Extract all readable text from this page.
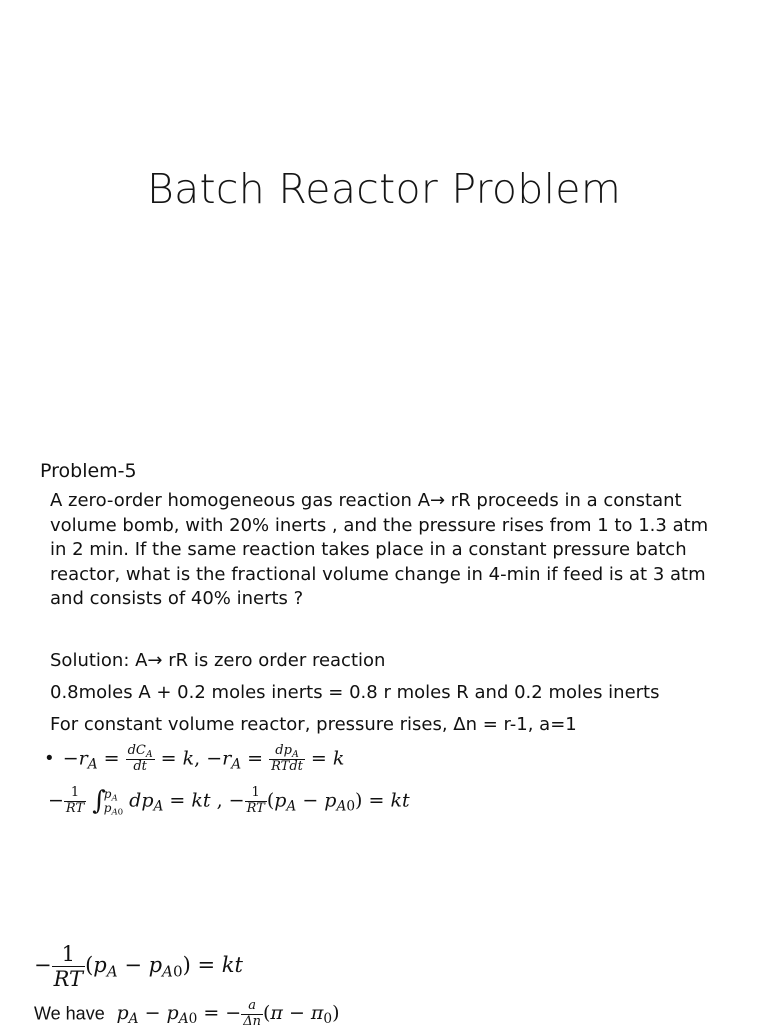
Batch Reactor Problem
Problem-5

A zero-order homogeneous gas reaction A→ rR proceeds in a constant volume bomb, with 20% inerts , and the pressure rises from 1 to 1.3 atm in 2 min. If the same reaction takes place in a constant pressure batch reactor, what is the fractional volume change in 4-min if feed is at 3 atm and consists of 40% inerts ?

Solution: A→ rR is zero order reaction
0.8moles A + 0.2 moles inerts = 0.8 r moles R and 0.2 moles inerts
For constant volume reactor, pressure rises, Δn = r-1, a=1
• $-r_A = \frac{dC_A}{dt} = k$, $-r_A = \frac{dp_A}{\text{RTdt}} = k$
− $\frac{1}{RT}$ ∫
$p_A$
$p_{A0}$
$dp_A$ = kt , − $\frac{1}{RT} (p_A - p_{A0})$ = kt
− $\frac{1}{RT} (p_A - p_{A0})$ = kt
We have $p_A - p_{A0}$ = − $\frac{a}{\Delta n} (\pi - \pi_0)$
